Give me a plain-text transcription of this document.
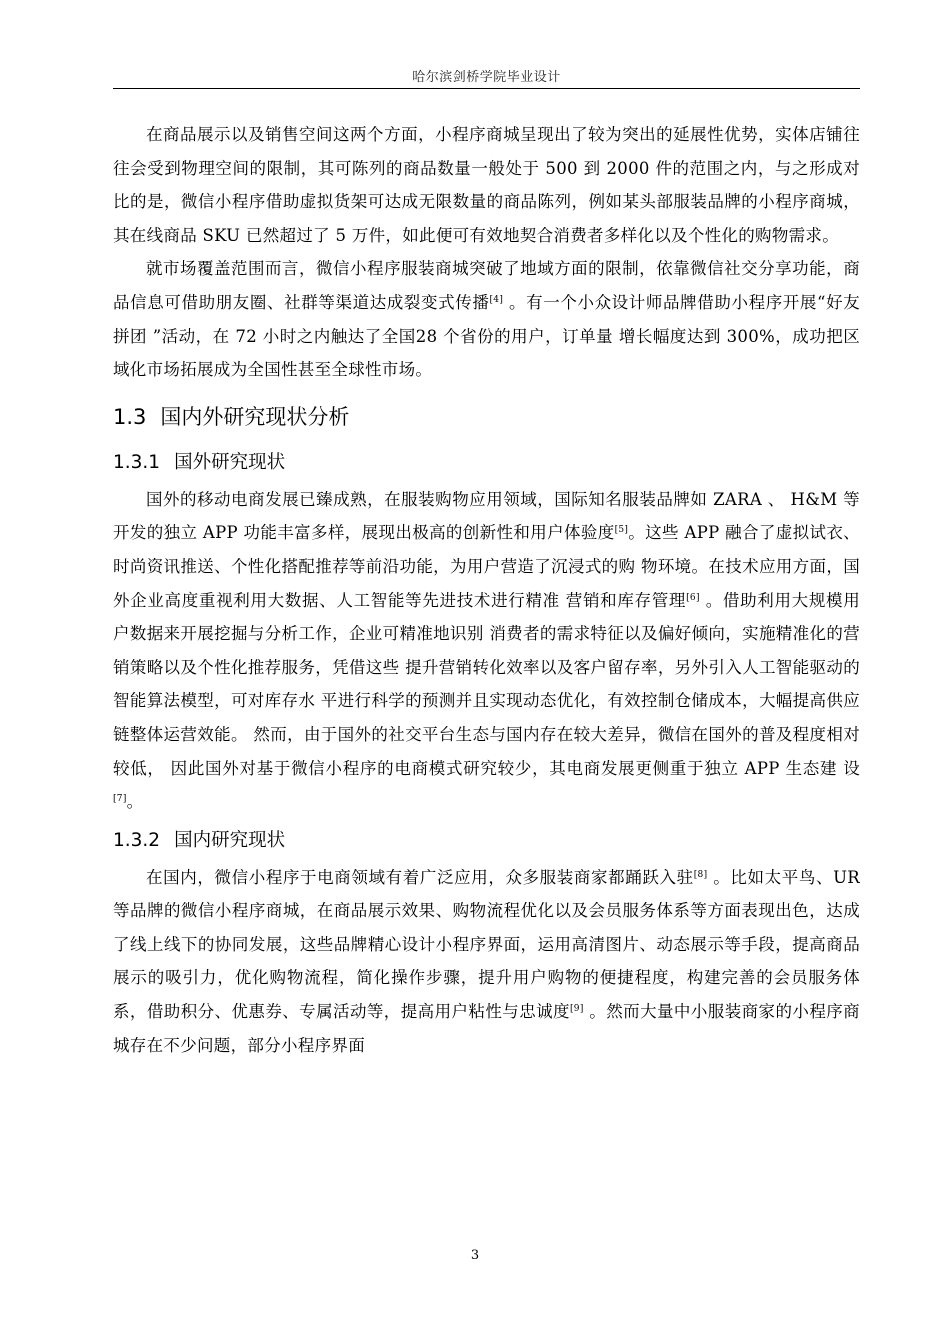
哈尔滨剑桥学院毕业设计

在商品展示以及销售空间这两个方面，小程序商城呈现出了较为突出的延展性优势，实体店铺往往会受到物理空间的限制，其可陈列的商品数量一般处于 500 到 2000 件的范围之内，与之形成对比的是，微信小程序借助虚拟货架可达成无限数量的商品陈列，例如某头部服装品牌的小程序商城，其在线商品 SKU 已然超过了 5 万件，如此便可有效地契合消费者多样化以及个性化的购物需求。

就市场覆盖范围而言，微信小程序服装商城突破了地域方面的限制，依靠微信社交分享功能，商品信息可借助朋友圈、社群等渠道达成裂变式传播[4] 。有一个小众设计师品牌借助小程序开展“好友拼团 ”活动，在 72 小时之内触达了全国28 个省份的用户，订单量 增长幅度达到 300%，成功把区域化市场拓展成为全国性甚至全球性市场。

1.3 国内外研究现状分析
1.3.1 国外研究现状

国外的移动电商发展已臻成熟，在服装购物应用领域，国际知名服装品牌如 ZARA 、 H&M 等开发的独立 APP 功能丰富多样，展现出极高的创新性和用户体验度[5]。这些 APP 融合了虚拟试衣、时尚资讯推送、个性化搭配推荐等前沿功能，为用户营造了沉浸式的购 物环境。在技术应用方面，国外企业高度重视利用大数据、人工智能等先进技术进行精准 营销和库存管理[6] 。借助利用大规模用户数据来开展挖掘与分析工作，企业可精准地识别 消费者的需求特征以及偏好倾向，实施精准化的营销策略以及个性化推荐服务，凭借这些 提升营销转化效率以及客户留存率，另外引入人工智能驱动的智能算法模型，可对库存水 平进行科学的预测并且实现动态优化，有效控制仓储成本，大幅提高供应链整体运营效能。 然而，由于国外的社交平台生态与国内存在较大差异，微信在国外的普及程度相对较低， 因此国外对基于微信小程序的电商模式研究较少，其电商发展更侧重于独立 APP 生态建 设[7]。

1.3.2 国内研究现状

在国内，微信小程序于电商领域有着广泛应用，众多服装商家都踊跃入驻[8] 。比如太平鸟、UR 等品牌的微信小程序商城，在商品展示效果、购物流程优化以及会员服务体系等方面表现出色，达成了线上线下的协同发展，这些品牌精心设计小程序界面，运用高清图片、动态展示等手段，提高商品展示的吸引力，优化购物流程，简化操作步骤，提升用户购物的便捷程度，构建完善的会员服务体系，借助积分、优惠券、专属活动等，提高用户粘性与忠诚度[9] 。然而大量中小服装商家的小程序商城存在不少问题，部分小程序界面

3
